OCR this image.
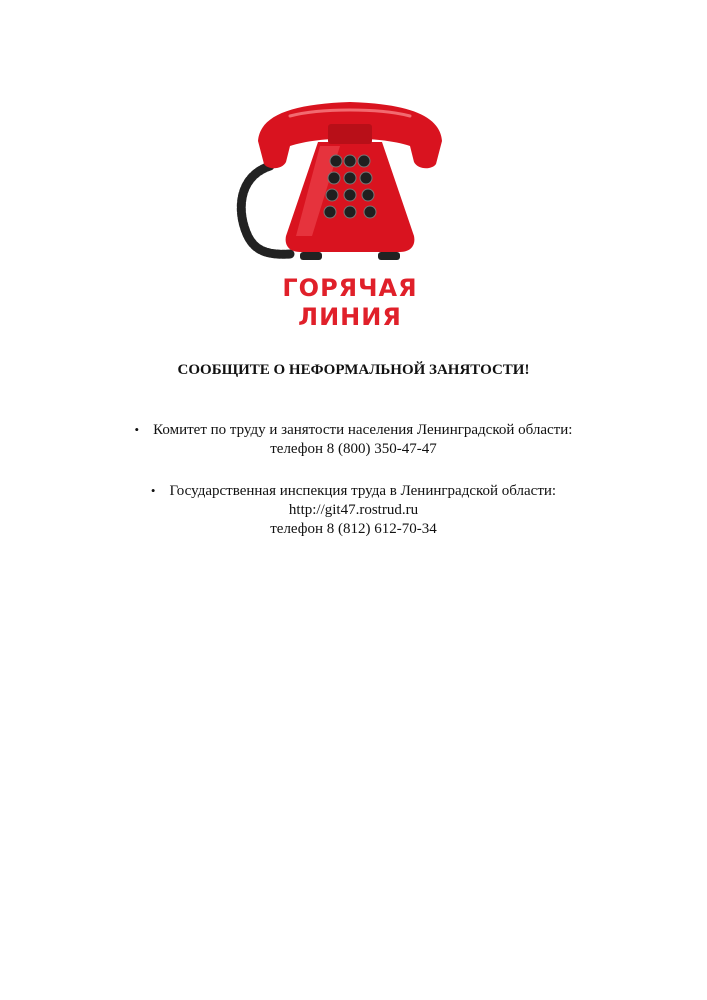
ГОРЯЧАЯ
ЛИНИЯ
СООБЩИТЕ О НЕФОРМАЛЬНОЙ ЗАНЯТОСТИ!
• Комитет по труду и занятости населения Ленинградской области:
телефон 8 (800) 350-47-47
• Государственная инспекция труда в Ленинградской области:
http://git47.rostrud.ru
телефон 8 (812) 612-70-34
